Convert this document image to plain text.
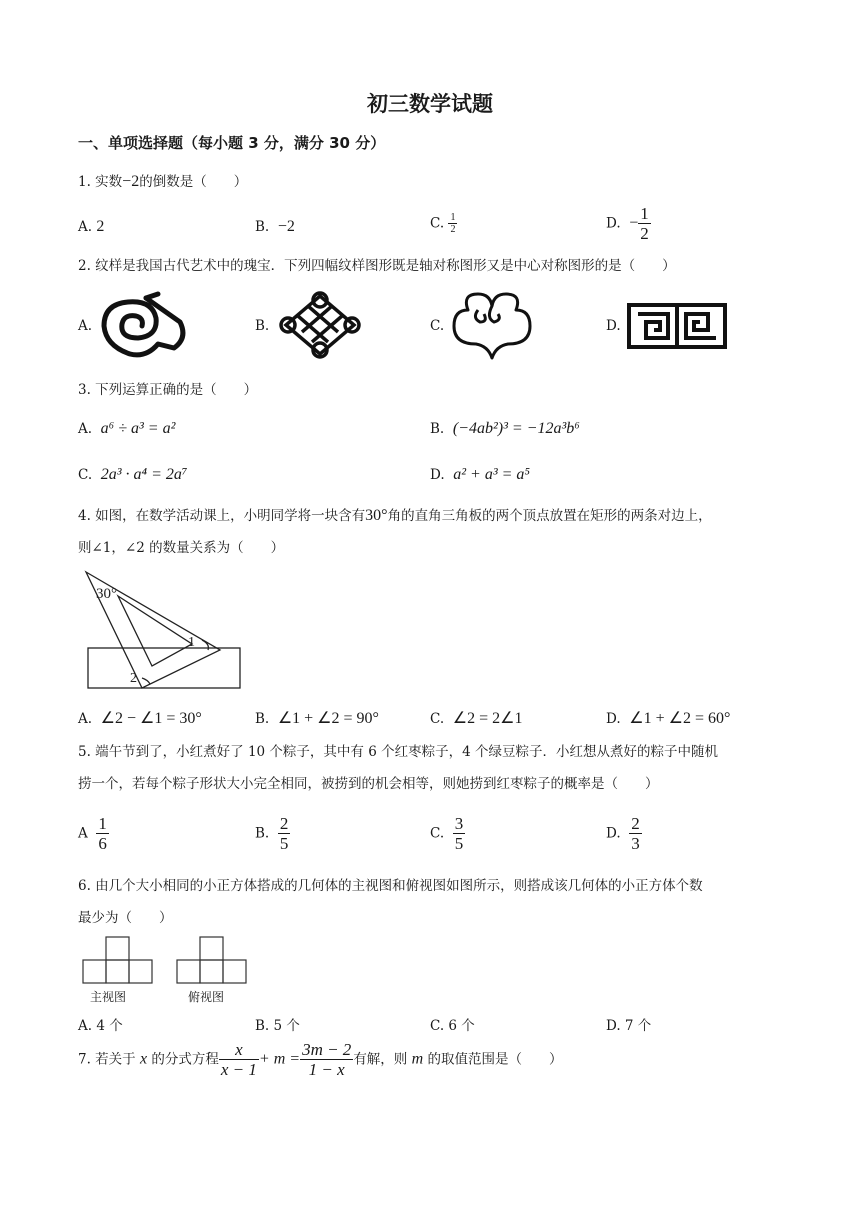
初三数学试题
一、单项选择题（每小题 3 分，满分 30 分）
1. 实数−2的倒数是（　　）
A. 2	B. −2	C. $\frac{1}{2}$	D. − $\frac{1}{2}$
2. 纹样是我国古代艺术中的瑰宝．下列四幅纹样图形既是轴对称图形又是中心对称图形的是（　　）
A.	B.	C.	D.
3. 下列运算正确的是（　　）
A. a⁶ ÷ a³ = a²	B. (−4ab²)³ = −12a³b⁶
C. 2a³ · a⁴ = 2a⁷	D. a² + a³ = a⁵
4. 如图，在数学活动课上，小明同学将一块含有30°角的直角三角板的两个顶点放置在矩形的两条对边上，
则∠1，∠2 的数量关系为（　　）
30°
1
2
A. ∠2 − ∠1 = 30°	B. ∠1 + ∠2 = 90°	C. ∠2 = 2∠1	D. ∠1 + ∠2 = 60°
5. 端午节到了，小红煮好了 10 个粽子，其中有 6 个红枣粽子，4 个绿豆粽子．小红想从煮好的粽子中随机
捞一个，若每个粽子形状大小完全相同，被捞到的机会相等，则她捞到红枣粽子的概率是（　　）
A $\frac{1}{6}$	B. $\frac{2}{5}$	C. $\frac{3}{5}$	D. $\frac{2}{3}$
6. 由几个大小相同的小正方体搭成的几何体的主视图和俯视图如图所示，则搭成该几何体的小正方体个数
最少为（　　）
主视图	俯视图
A. 4 个	B. 5 个	C. 6 个	D. 7 个
7. 若关于 x 的分式方程 $\frac{x}{x - 1} + m = \frac{3m - 2}{1 - x}$ 有解，则 m 的取值范围是（　　）
